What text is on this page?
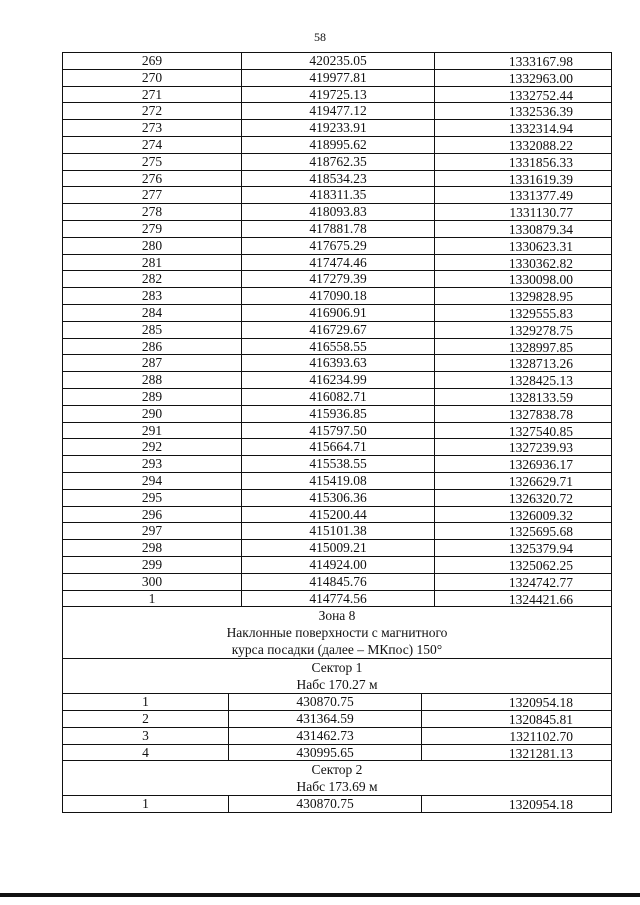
58
269	420235.05	1333167.98
270	419977.81	1332963.00
271	419725.13	1332752.44
272	419477.12	1332536.39
273	419233.91	1332314.94
274	418995.62	1332088.22
275	418762.35	1331856.33
276	418534.23	1331619.39
277	418311.35	1331377.49
278	418093.83	1331130.77
279	417881.78	1330879.34
280	417675.29	1330623.31
281	417474.46	1330362.82
282	417279.39	1330098.00
283	417090.18	1329828.95
284	416906.91	1329555.83
285	416729.67	1329278.75
286	416558.55	1328997.85
287	416393.63	1328713.26
288	416234.99	1328425.13
289	416082.71	1328133.59
290	415936.85	1327838.78
291	415797.50	1327540.85
292	415664.71	1327239.93
293	415538.55	1326936.17
294	415419.08	1326629.71
295	415306.36	1326320.72
296	415200.44	1326009.32
297	415101.38	1325695.68
298	415009.21	1325379.94
299	414924.00	1325062.25
300	414845.76	1324742.77
1	414774.56	1324421.66
Зона 8
Наклонные поверхности с магнитного
курса посадки (далее – МКпос) 150°
Сектор 1
Набс 170.27 м
1	430870.75	1320954.18
2	431364.59	1320845.81
3	431462.73	1321102.70
4	430995.65	1321281.13
Сектор 2
Набс 173.69 м
1	430870.75	1320954.18
